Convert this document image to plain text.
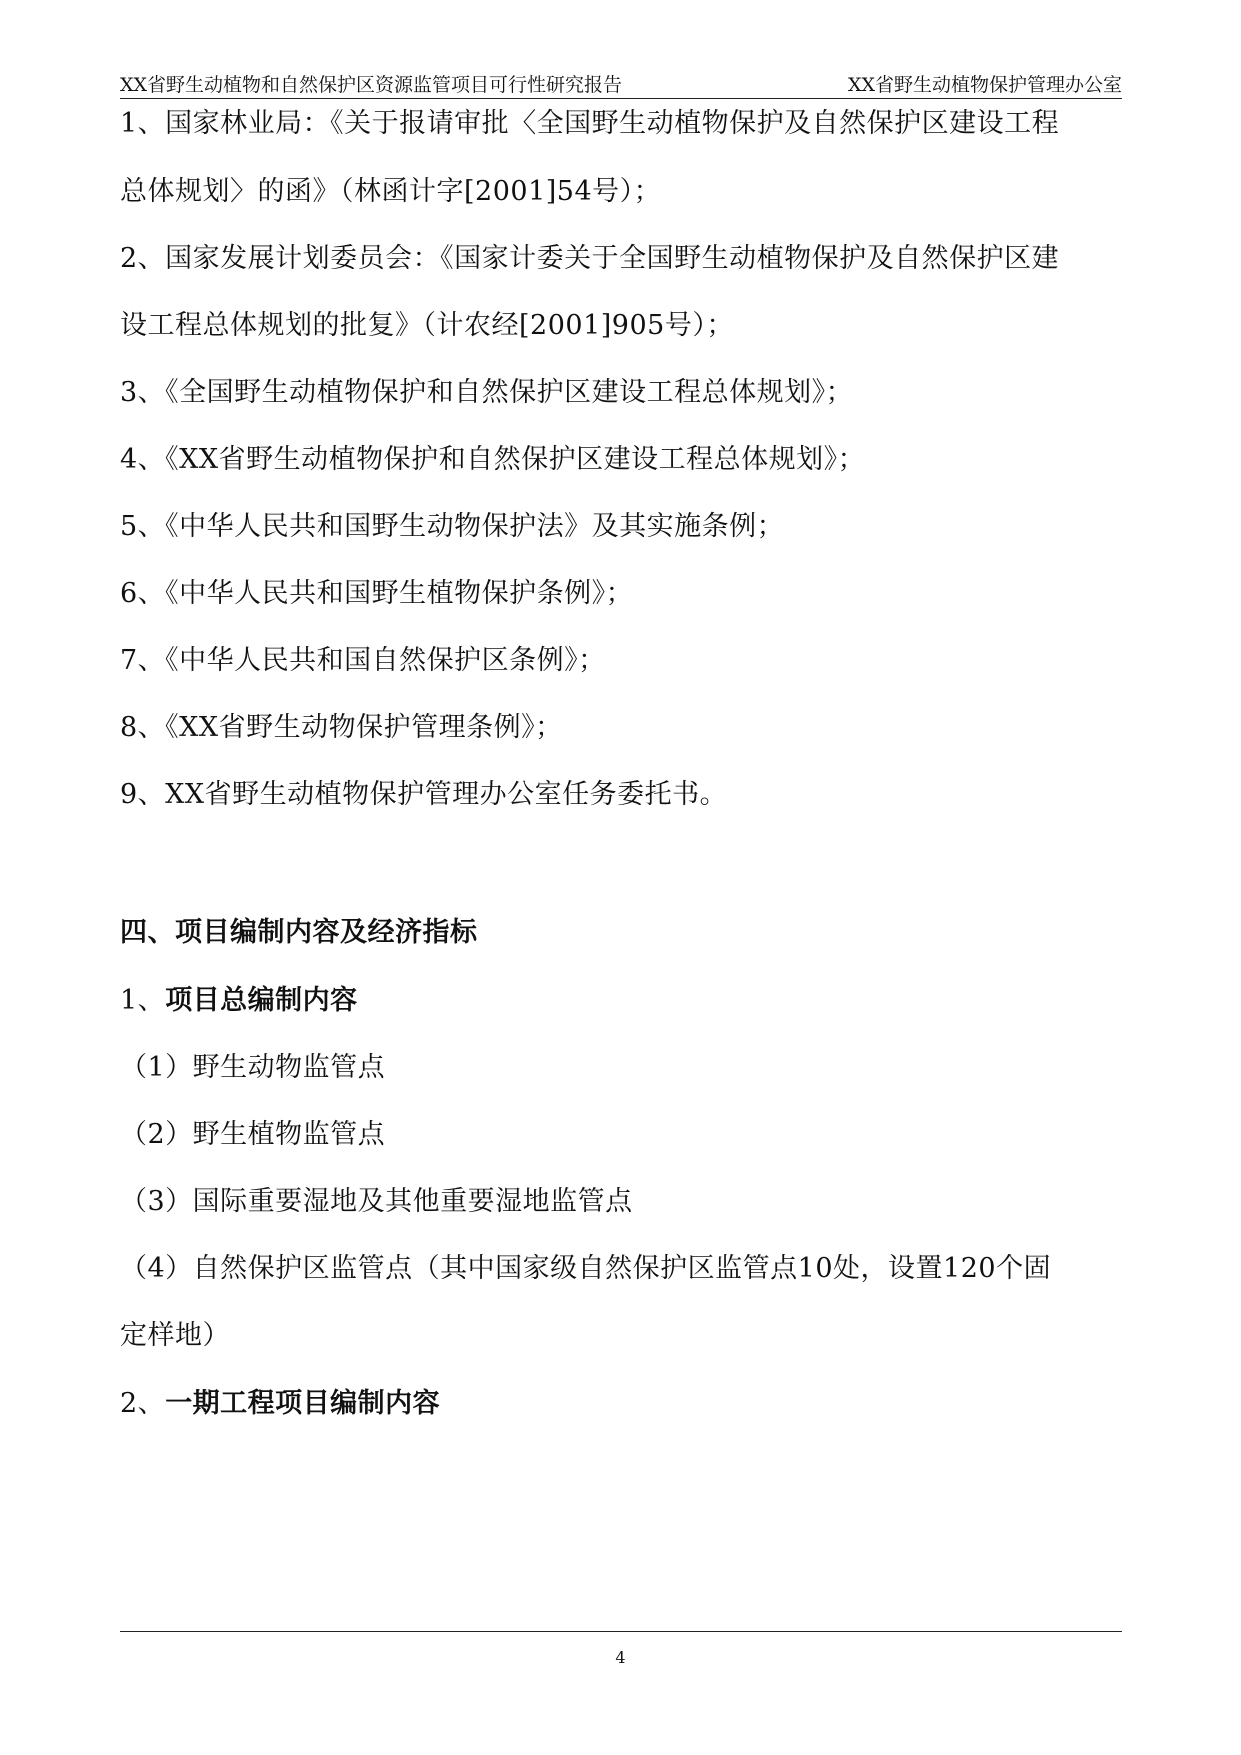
XX省野生动植物和自然保护区资源监管项目可行性研究报告	XX省野生动植物保护管理办公室
1、国家林业局：《关于报请审批〈全国野生动植物保护及自然保护区建设工程
总体规划〉的函》（林函计字[2001]54号）；
2、国家发展计划委员会：《国家计委关于全国野生动植物保护及自然保护区建
设工程总体规划的批复》（计农经[2001]905号）；
3、《全国野生动植物保护和自然保护区建设工程总体规划》；
4、《XX省野生动植物保护和自然保护区建设工程总体规划》；
5、《中华人民共和国野生动物保护法》及其实施条例；
6、《中华人民共和国野生植物保护条例》；
7、《中华人民共和国自然保护区条例》；
8、《XX省野生动物保护管理条例》；
9、XX省野生动植物保护管理办公室任务委托书。
四、项目编制内容及经济指标
1、项目总编制内容
（1）野生动物监管点
（2）野生植物监管点
（3）国际重要湿地及其他重要湿地监管点
（4）自然保护区监管点（其中国家级自然保护区监管点10处，设置120个固
定样地）
2、一期工程项目编制内容
4
